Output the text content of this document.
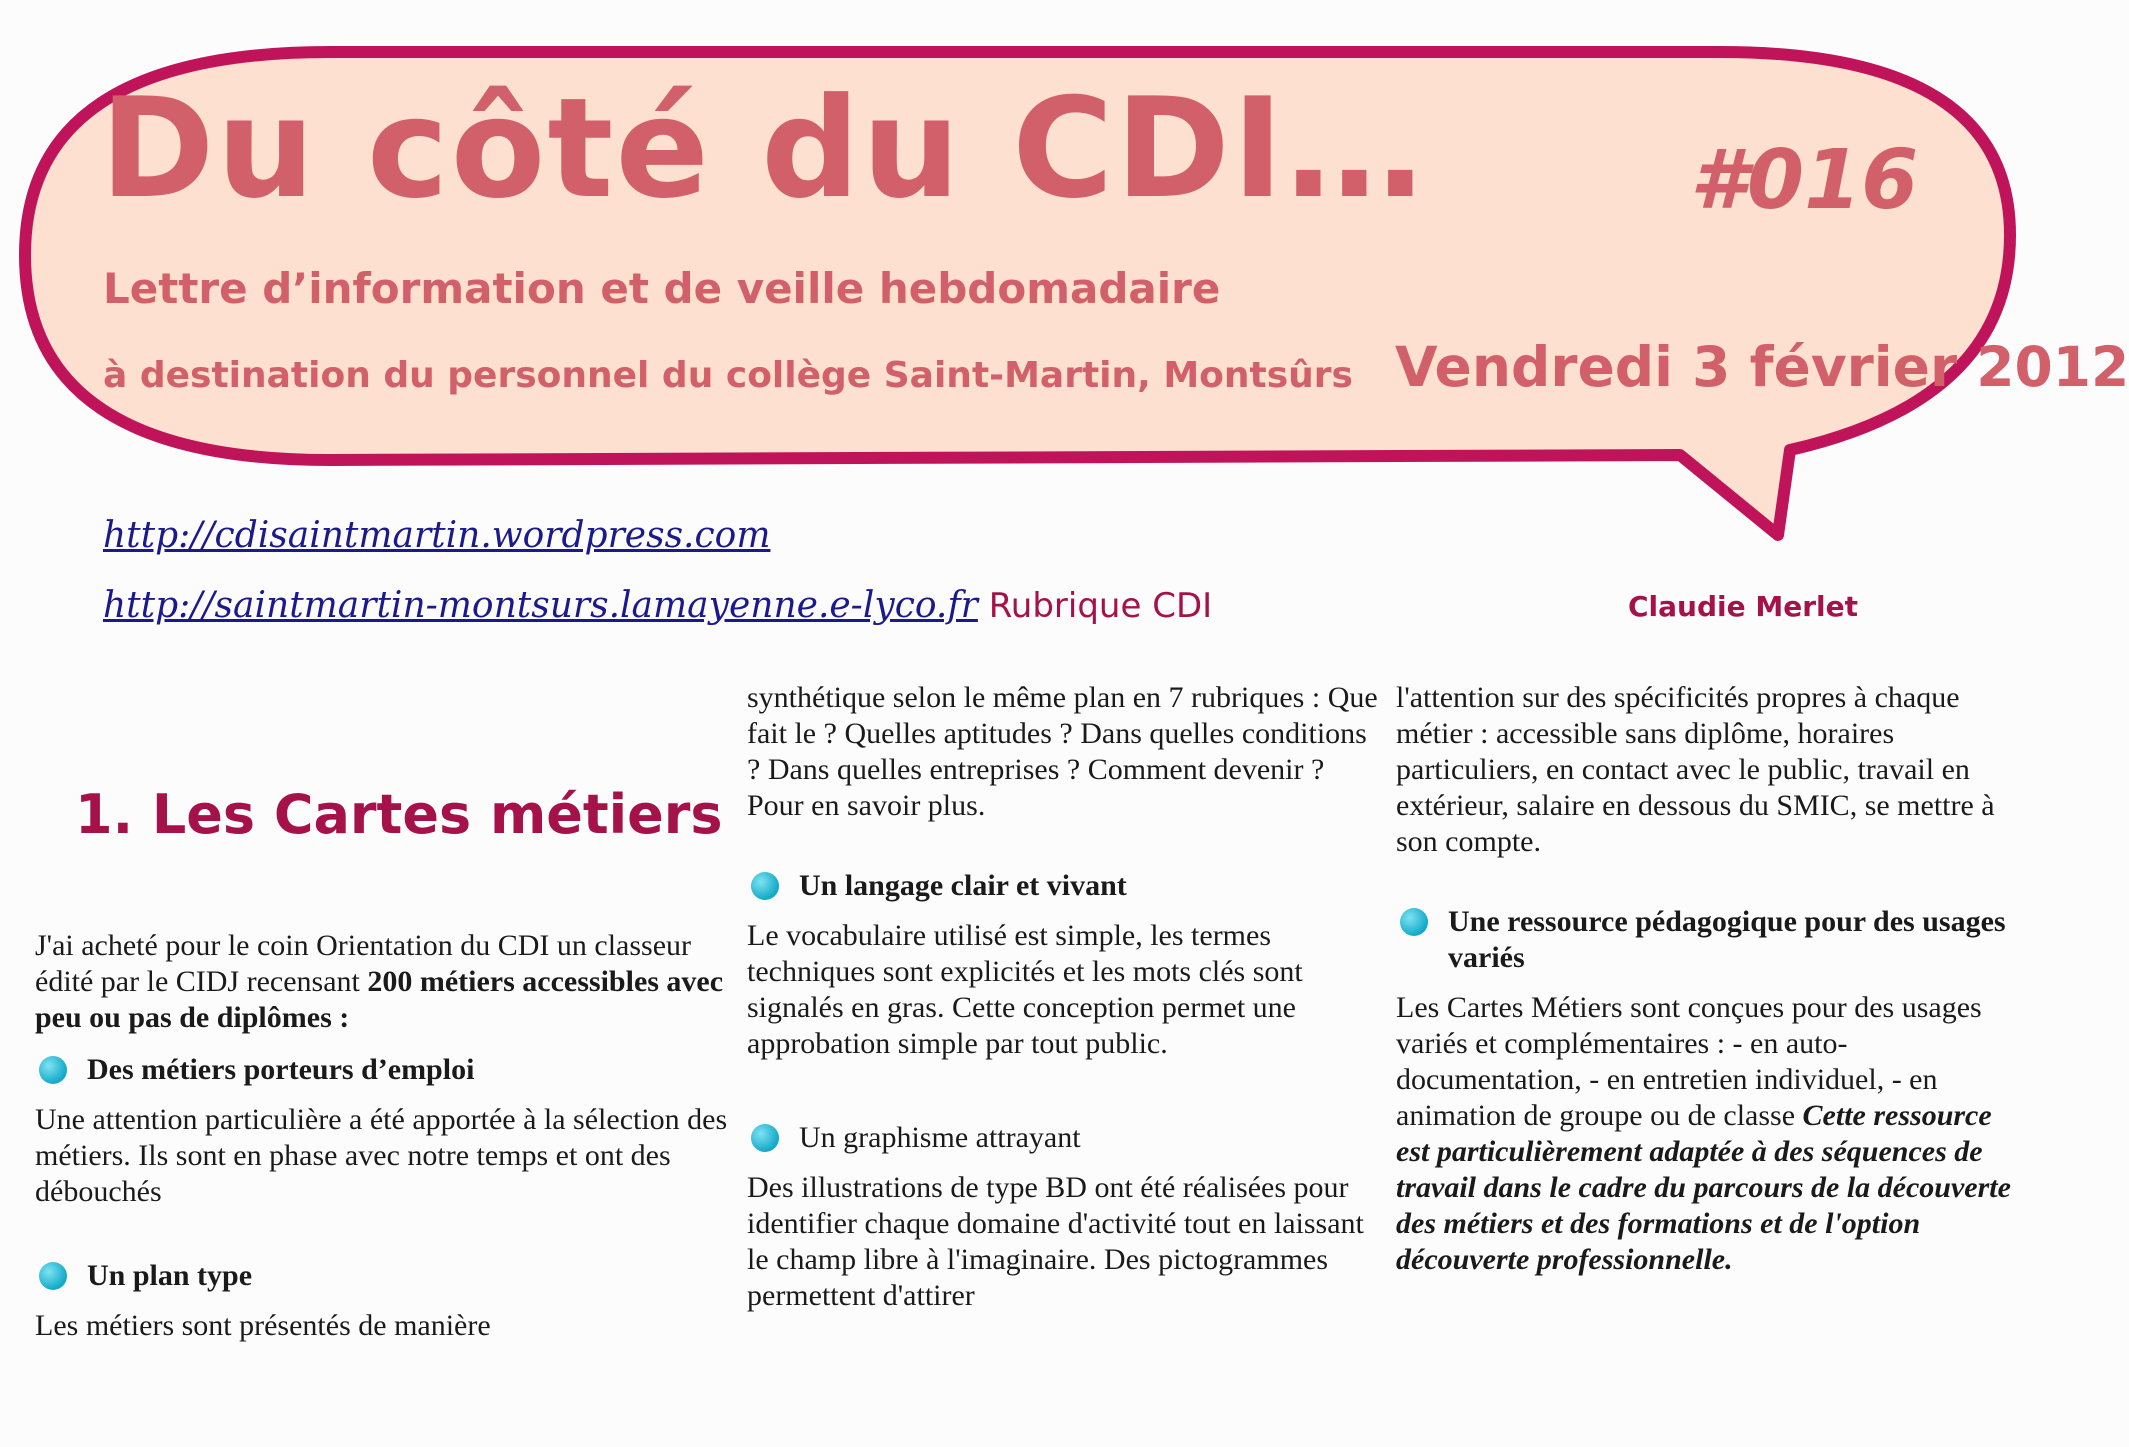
Du côté du CDI…	#016
Lettre d’information et de veille hebdomadaire
à destination du personnel du collège Saint-Martin, Montsûrs Vendredi 3 février 2012
http://cdisaintmartin.wordpress.com
http://saintmartin-montsurs.lamayenne.e-lyco.fr Rubrique CDI	Claudie Merlet
1. Les Cartes métiers

J'ai acheté pour le coin Orientation du CDI un classeur édité par le CIDJ recensant 200 métiers accessibles avec peu ou pas de diplômes :

Des métiers porteurs d’emploi

Une attention particulière a été apportée à la sélection des métiers. Ils sont en phase avec notre temps et ont des débouchés

Un plan type

Les métiers sont présentés de manière

synthétique selon le même plan en 7 rubriques : Que fait le ? Quelles aptitudes ? Dans quelles conditions ? Dans quelles entreprises ? Comment devenir ? Pour en savoir plus.

Un langage clair et vivant

Le vocabulaire utilisé est simple, les termes techniques sont explicités et les mots clés sont signalés en gras. Cette conception permet une approbation simple par tout public.

Un graphisme attrayant

Des illustrations de type BD ont été réalisées pour identifier chaque domaine d'activité tout en laissant le champ libre à l'imaginaire. Des pictogrammes permettent d'attirer

l'attention sur des spécificités propres à chaque métier : accessible sans diplôme, horaires particuliers, en contact avec le public, travail en extérieur, salaire en dessous du SMIC, se mettre à son compte.

Une ressource pédagogique pour des usages variés

Les Cartes Métiers sont conçues pour des usages variés et complémentaires : - en auto-documentation, - en entretien individuel, - en animation de groupe ou de classe Cette ressource est particulièrement adaptée à des séquences de travail dans le cadre du parcours de la découverte des métiers et des formations et de l'option découverte professionnelle.
